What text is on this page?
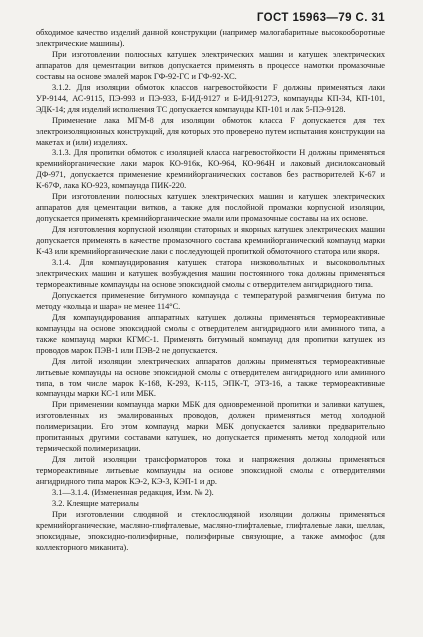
ГОСТ 15963—79 С. 31

обходимое качество изделий данной конструкции (например малогабаритные высокооборотные электрические машины).

При изготовлении полюсных катушек электрических машин и катушек электрических аппаратов для цементации витков допускается применять в процессе намотки промазочные составы на основе эмалей марок ГФ-92-ГС и ГФ-92-ХС.

3.1.2. Для изоляции обмоток классов нагревостойкости F должны применяться лаки УР-9144, АС-9115, ПЭ-993 и ПЭ-933, Б-ИД-9127 и Б-ИД-9127Э, компаунды КП-34, КП-101, ЭДК-14; для изделий исполнения ТС допускается компаунды КП-101 и лак 5-ПЭ-9128.

Применение лака МГМ-8 для изоляции обмоток класса F допускается для тех электроизоляционных конструкций, для которых это проверено путем испытания конструкции на макетах и (или) изделиях.

3.1.3. Для пропитки обмоток с изоляцией класса нагревостойкости Н должны применяться кремнийорганические лаки марок КО-916к, КО-964, КО-964Н и лаковый дисилоксановый ДФ-971, допускается применение кремнийорганических составов без растворителей К-67 и К-67Ф, лака КО-923, компаунда ПИК-220.

При изготовлении полюсных катушек электрических машин и катушек электрических аппаратов для цементации витков, а также для послойной промазки корпусной изоляции, допускается применять кремнийорганические эмали или промазочные составы на их основе.

Для изготовления корпусной изоляции статорных и якорных катушек электрических машин допускается применять в качестве промазочного состава кремнийорганический компаунд марки К-43 или кремнийорганические лаки с последующей пропиткой обмоточного статора или якоря.

3.1.4. Для компаундирования катушек статора низковольтных и высоковольтных электрических машин и катушек возбуждения машин постоянного тока должны применяться термореактивные компаунды на основе эпоксидной смолы с отвердителем ангидридного типа.

Допускается применение битумного компаунда с температурой размягчения битума по методу «кольца и шара» не менее 114°С.

Для компаундирования аппаратных катушек должны применяться термореактивные компаунды на основе эпоксидной смолы с отвердителем ангидридного или аминного типа, а также компаунд марки КГМС-1. Применять битумный компаунд для пропитки катушек из проводов марок ПЭВ-1 или ПЭВ-2 не допускается.

Для литой изоляции электрических аппаратов должны применяться термореактивные литьевые компаунды на основе эпоксидной смолы с отвердителем ангидридного или аминного типа, в том числе марок К-168, К-293, К-115, ЭПК-Т, ЭТЗ-16, а также термореактивные компаунды марки КС-1 или МБК.

При применении компаунда марки МБК для одновременной пропитки и заливки катушек, изготовленных из эмалированных проводов, должен применяться метод холодной полимеризации. Его этом компаунд марки МБК допускается заливки предварительно пропитанных другими составами катушек, но допускается применять метод холодной или термической полимеризации.

Для литой изоляции трансформаторов тока и напряжения должны применяться термореактивные литьевые компаунды на основе эпоксидной смолы с отвердителями ангидридного типа марок КЭ-2, КЭ-3, КЭП-1 и др.

3.1—3.1.4. (Измененная редакция, Изм. № 2).

3.2. Клеящие материалы

При изготовлении слюдяной и стеклослюдяной изоляции должны применяться кремнийорганические, масляно-глифталевые, масляно-глифталевые, глифталевые лаки, шеллак, эпоксидные, эпоксидно-полиэфирные, полиэфирные связующие, а также аммофос (для коллекторного миканита).
